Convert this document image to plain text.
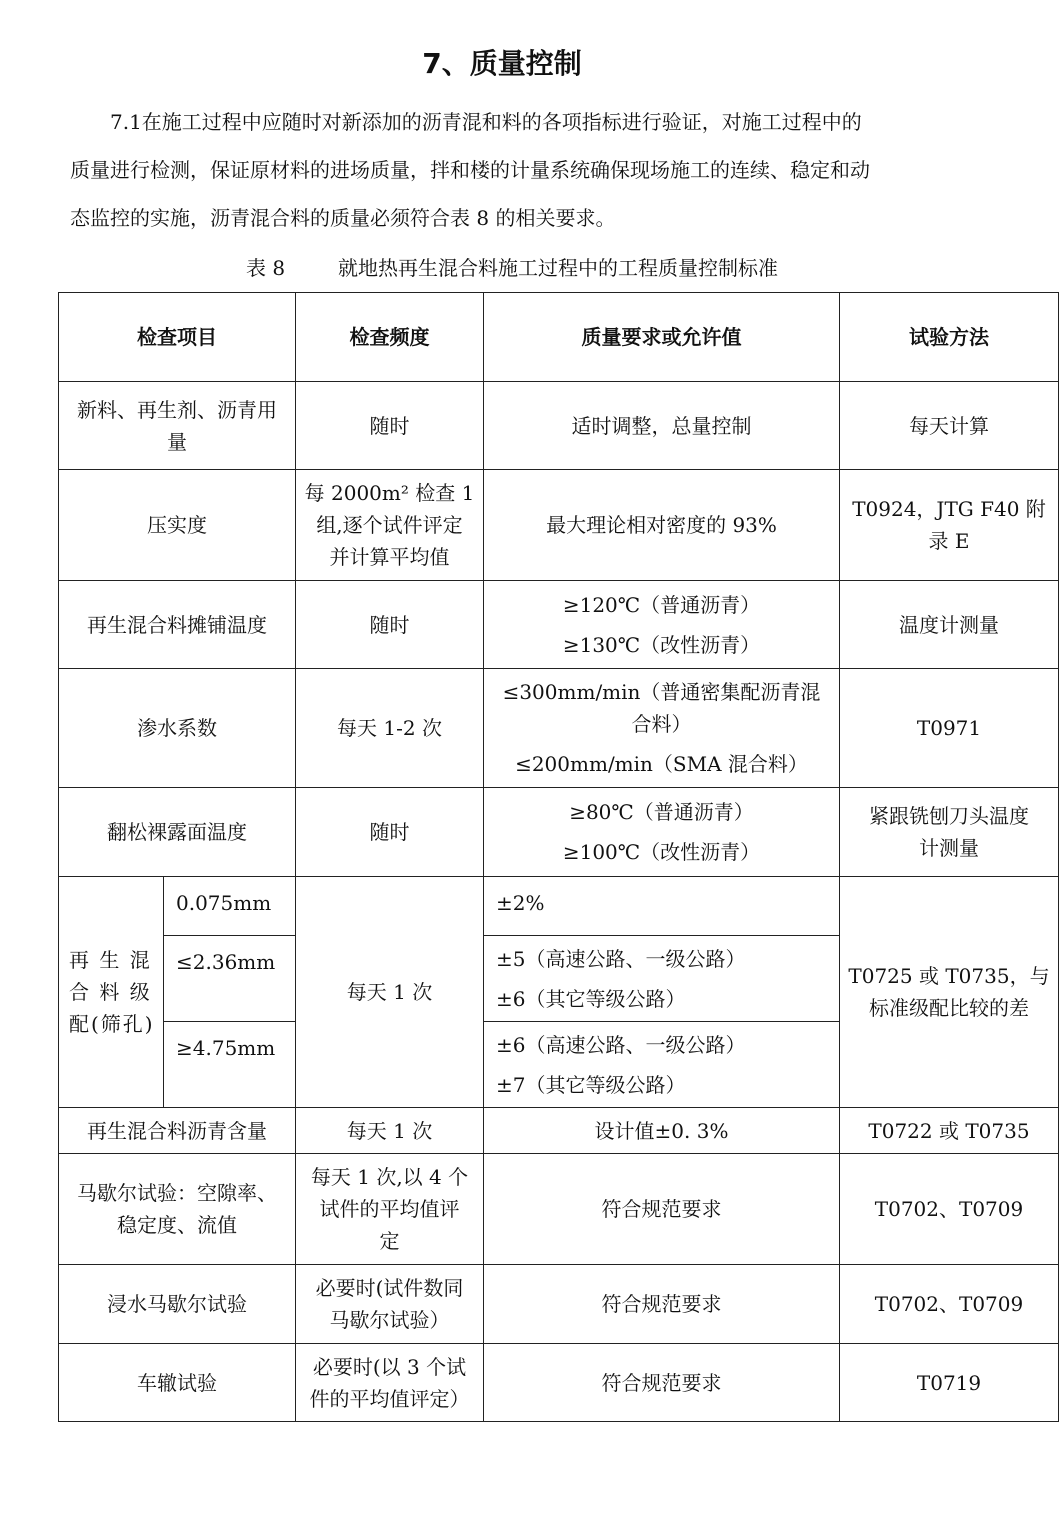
7、质量控制

　　7.1在施工过程中应随时对新添加的沥青混和料的各项指标进行验证，对施工过程中的

质量进行检测，保证原材料的进场质量，拌和楼的计量系统确保现场施工的连续、稳定和动

态监控的实施，沥青混合料的质量必须符合表 8 的相关要求。

表 8	就地热再生混合料施工过程中的工程质量控制标准
检查项目		检查频度	质量要求或允许值	试验方法

新料、再生剂、沥青用
量		随时	适时调整，总量控制	每天计算

压实度		每 2000m² 检查 1
组,逐个试件评定
并计算平均值	最大理论相对密度的 93%	T0924，JTG F40 附
录 E

再生混合料摊铺温度		随时	≥120℃（普通沥青）
≥130℃（改性沥青）	温度计测量

渗水系数		每天 1-2 次	≤300mm/min（普通密集配沥青混
合料）
≤200mm/min（SMA 混合料）	T0971

翻松裸露面温度		随时	≥80℃（普通沥青）
≥100℃（改性沥青）	紧跟铣刨刀头温度
计测量

再 生 混
合 料 级
配(筛孔)	0.075mm	每天 1 次	±2%	T0725 或 T0735，与
标准级配比较的差

	≤2.36mm		±5（高速公路、一级公路）
±6（其它等级公路）	

	≥4.75mm		±6（高速公路、一级公路）
±7（其它等级公路）	

再生混合料沥青含量		每天 1 次	设计值±0. 3%	T0722 或 T0735

马歇尔试验：空隙率、
稳定度、流值		每天 1 次,以 4 个
试件的平均值评
定	符合规范要求	T0702、T0709

浸水马歇尔试验		必要时(试件数同
马歇尔试验）	符合规范要求	T0702、T0709

车辙试验		必要时(以 3 个试
件的平均值评定）	符合规范要求	T0719
